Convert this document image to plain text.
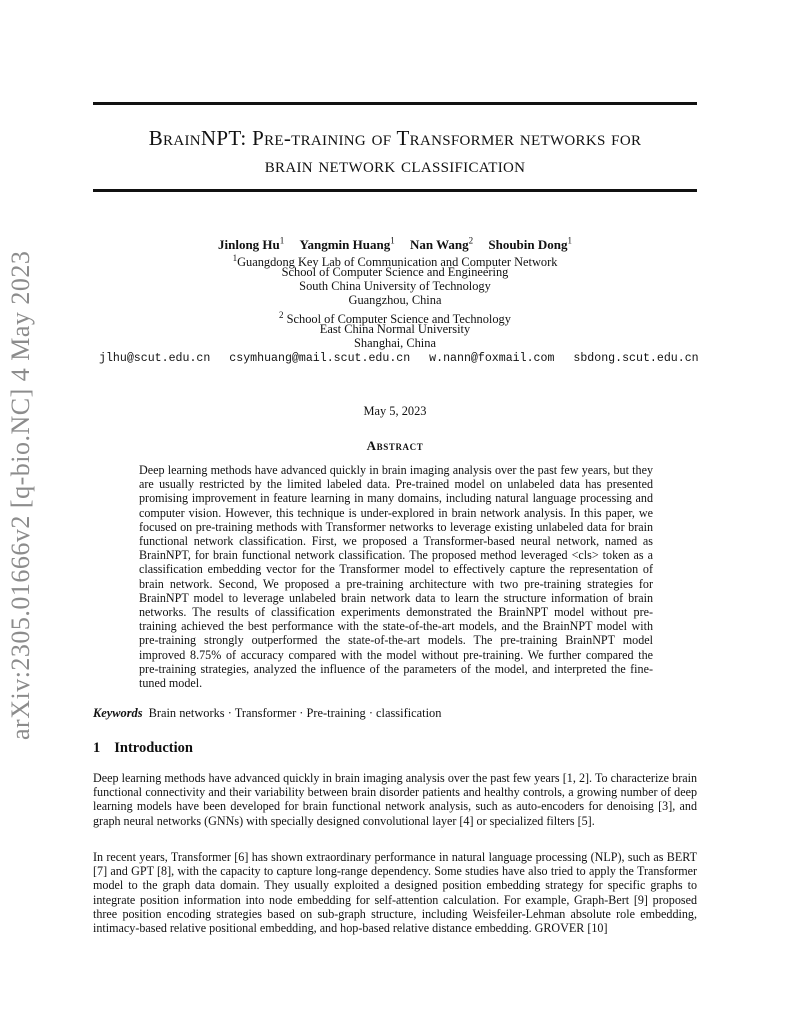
arXiv:2305.01666v2 [q-bio.NC] 4 May 2023
BrainNPT: Pre-training of Transformer networks for
brain network classification
Jinlong Hu$^1$ Yangmin Huang$^1$ Nan Wang$^2$ Shoubin Dong$^1$
$^1$Guangdong Key Lab of Communication and Computer Network
School of Computer Science and Engineering
South China University of Technology
Guangzhou, China
$^2$ School of Computer Science and Technology
East China Normal University
Shanghai, China
jlhu@scut.edu.cn csymhuang@mail.scut.edu.cn w.nann@foxmail.com sbdong.scut.edu.cn
May 5, 2023
Abstract
Deep learning methods have advanced quickly in brain imaging analysis over the past few years, but they are usually restricted by the limited labeled data. Pre-trained model on unlabeled data has presented promising improvement in feature learning in many domains, including natural language processing and computer vision. However, this technique is under-explored in brain network analysis. In this paper, we focused on pre-training methods with Transformer networks to leverage existing unlabeled data for brain functional network classification. First, we proposed a Transformer-based neural network, named as BrainNPT, for brain functional network classification. The proposed method leveraged <cls> token as a classification embedding vector for the Transformer model to effectively capture the representation of brain network. Second, We proposed a pre-training architecture with two pre-training strategies for BrainNPT model to leverage unlabeled brain network data to learn the structure information of brain networks. The results of classification experiments demonstrated the BrainNPT model without pre-training achieved the best performance with the state-of-the-art models, and the BrainNPT model with pre-training strongly outperformed the state-of-the-art models. The pre-training BrainNPT model improved 8.75% of accuracy compared with the model without pre-training. We further compared the pre-training strategies, analyzed the influence of the parameters of the model, and interpreted the fine-tuned model.
Keywords Brain networks · Transformer · Pre-training · classification
1 Introduction
Deep learning methods have advanced quickly in brain imaging analysis over the past few years [1, 2]. To characterize brain functional connectivity and their variability between brain disorder patients and healthy controls, a growing number of deep learning models have been developed for brain functional network analysis, such as auto-encoders for denoising [3], and graph neural networks (GNNs) with specially designed convolutional layer [4] or specialized filters [5].
In recent years, Transformer [6] has shown extraordinary performance in natural language processing (NLP), such as BERT [7] and GPT [8], with the capacity to capture long-range dependency. Some studies have also tried to apply the Transformer model to the graph data domain. They usually exploited a designed position embedding strategy for specific graphs to integrate position information into node embedding for self-attention calculation. For example, Graph-Bert [9] proposed three position encoding strategies based on sub-graph structure, including Weisfeiler-Lehman absolute role embedding, intimacy-based relative positional embedding, and hop-based relative distance embedding. GROVER [10]
